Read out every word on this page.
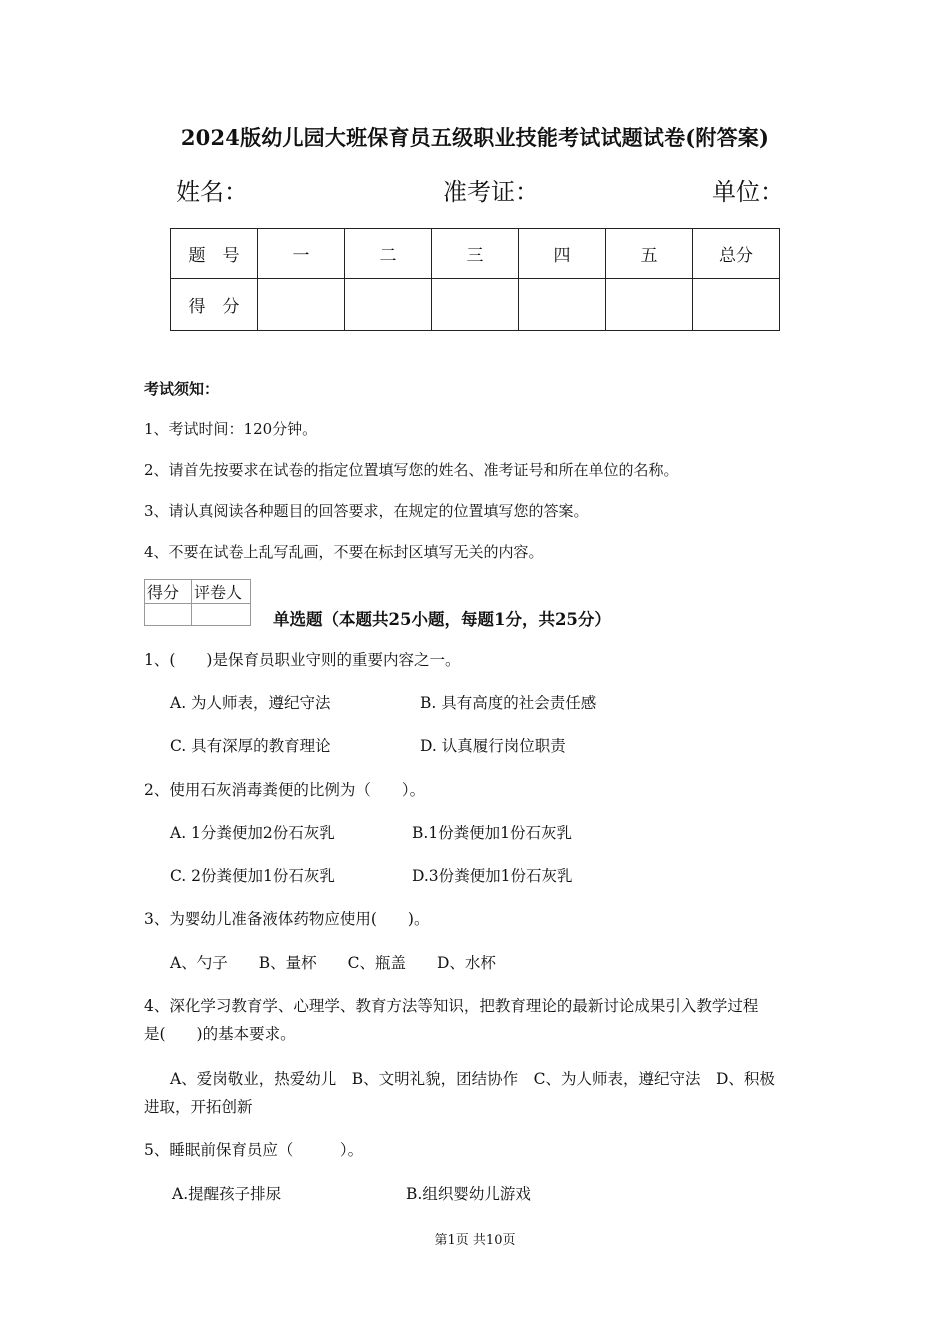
2024版幼儿园大班保育员五级职业技能考试试题试卷(附答案)
姓名：	准考证：	单位：
题　号	一	二	三	四	五	总分
得　分						
考试须知：
1、考试时间：120分钟。
2、请首先按要求在试卷的指定位置填写您的姓名、准考证号和所在单位的名称。
3、请认真阅读各种题目的回答要求，在规定的位置填写您的答案。
4、不要在试卷上乱写乱画，不要在标封区填写无关的内容。
得分	评卷人

单选题（本题共25小题，每题1分，共25分）
1、(　　)是保育员职业守则的重要内容之一。
A. 为人师表，遵纪守法	B. 具有高度的社会责任感
C. 具有深厚的教育理论	D. 认真履行岗位职责
2、使用石灰消毒粪便的比例为（　　）。
A. 1分粪便加2份石灰乳	B.1份粪便加1份石灰乳
C. 2份粪便加1份石灰乳	D.3份粪便加1份石灰乳
3、为婴幼儿准备液体药物应使用(　　)。
A、勺子　　B、量杯　　C、瓶盖　　D、水杯
4、深化学习教育学、心理学、教育方法等知识，把教育理论的最新讨论成果引入教学过程
是(　　)的基本要求。
A、爱岗敬业，热爱幼儿　B、文明礼貌，团结协作　C、为人师表，遵纪守法　D、积极
进取，开拓创新
5、睡眠前保育员应（　　　）。
A.提醒孩子排尿	B.组织婴幼儿游戏
第1页 共10页
